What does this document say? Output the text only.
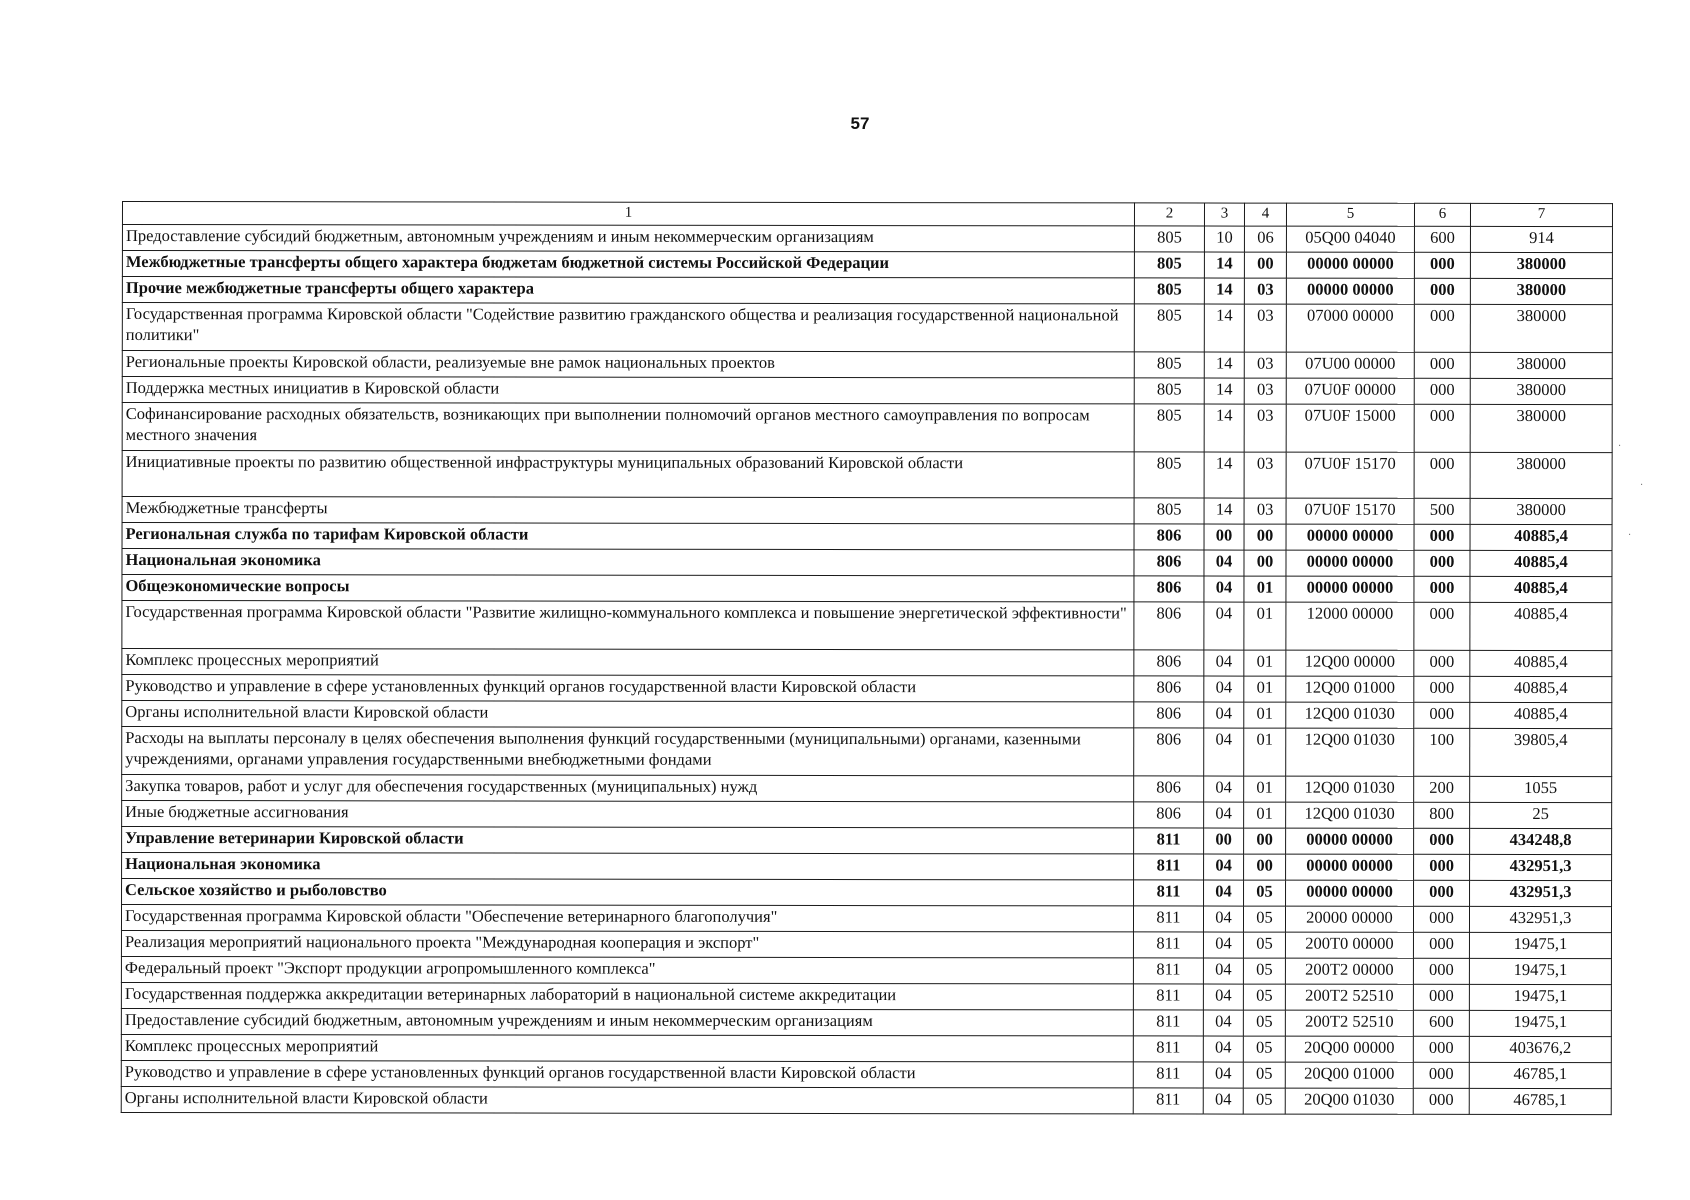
57
1	2	3	4	5	6	7
Предоставление субсидий бюджетным, автономным учреждениям и иным некоммерческим организациям	805	10	06	05Q00 04040	600	914
Межбюджетные трансферты общего характера бюджетам бюджетной системы Российской Федерации	805	14	00	00000 00000	000	380000
Прочие межбюджетные трансферты общего характера	805	14	03	00000 00000	000	380000
Государственная программа Кировской области "Содействие развитию гражданского общества и реализация государственной национальной политики"	805	14	03	07000 00000	000	380000
Региональные проекты Кировской области, реализуемые вне рамок национальных проектов	805	14	03	07U00 00000	000	380000
Поддержка местных инициатив в Кировской области	805	14	03	07U0F 00000	000	380000
Софинансирование расходных обязательств, возникающих при выполнении полномочий органов местного самоуправления по вопросам местного значения	805	14	03	07U0F 15000	000	380000
Инициативные проекты по развитию общественной инфраструктуры муниципальных образований Кировской области	805	14	03	07U0F 15170	000	380000
Межбюджетные трансферты	805	14	03	07U0F 15170	500	380000
Региональная служба по тарифам Кировской области	806	00	00	00000 00000	000	40885,4
Национальная экономика	806	04	00	00000 00000	000	40885,4
Общеэкономические вопросы	806	04	01	00000 00000	000	40885,4
Государственная программа Кировской области "Развитие жилищно-коммунального комплекса и повышение энергетической эффективности"	806	04	01	12000 00000	000	40885,4
Комплекс процессных мероприятий	806	04	01	12Q00 00000	000	40885,4
Руководство и управление в сфере установленных функций органов государственной власти Кировской области	806	04	01	12Q00 01000	000	40885,4
Органы исполнительной власти Кировской области	806	04	01	12Q00 01030	000	40885,4
Расходы на выплаты персоналу в целях обеспечения выполнения функций государственными (муниципальными) органами, казенными учреждениями, органами управления государственными внебюджетными фондами	806	04	01	12Q00 01030	100	39805,4
Закупка товаров, работ и услуг для обеспечения государственных (муниципальных) нужд	806	04	01	12Q00 01030	200	1055
Иные бюджетные ассигнования	806	04	01	12Q00 01030	800	25
Управление ветеринарии Кировской области	811	00	00	00000 00000	000	434248,8
Национальная экономика	811	04	00	00000 00000	000	432951,3
Сельское хозяйство и рыболовство	811	04	05	00000 00000	000	432951,3
Государственная программа Кировской области "Обеспечение ветеринарного благополучия"	811	04	05	20000 00000	000	432951,3
Реализация мероприятий национального проекта "Международная кооперация и экспорт"	811	04	05	200T0 00000	000	19475,1
Федеральный проект "Экспорт продукции агропромышленного комплекса"	811	04	05	200T2 00000	000	19475,1
Государственная поддержка аккредитации ветеринарных лабораторий в национальной системе аккредитации	811	04	05	200T2 52510	000	19475,1
Предоставление субсидий бюджетным, автономным учреждениям и иным некоммерческим организациям	811	04	05	200T2 52510	600	19475,1
Комплекс процессных мероприятий	811	04	05	20Q00 00000	000	403676,2
Руководство и управление в сфере установленных функций органов государственной власти Кировской области	811	04	05	20Q00 01000	000	46785,1
Органы исполнительной власти Кировской области	811	04	05	20Q00 01030	000	46785,1
·
·
·
